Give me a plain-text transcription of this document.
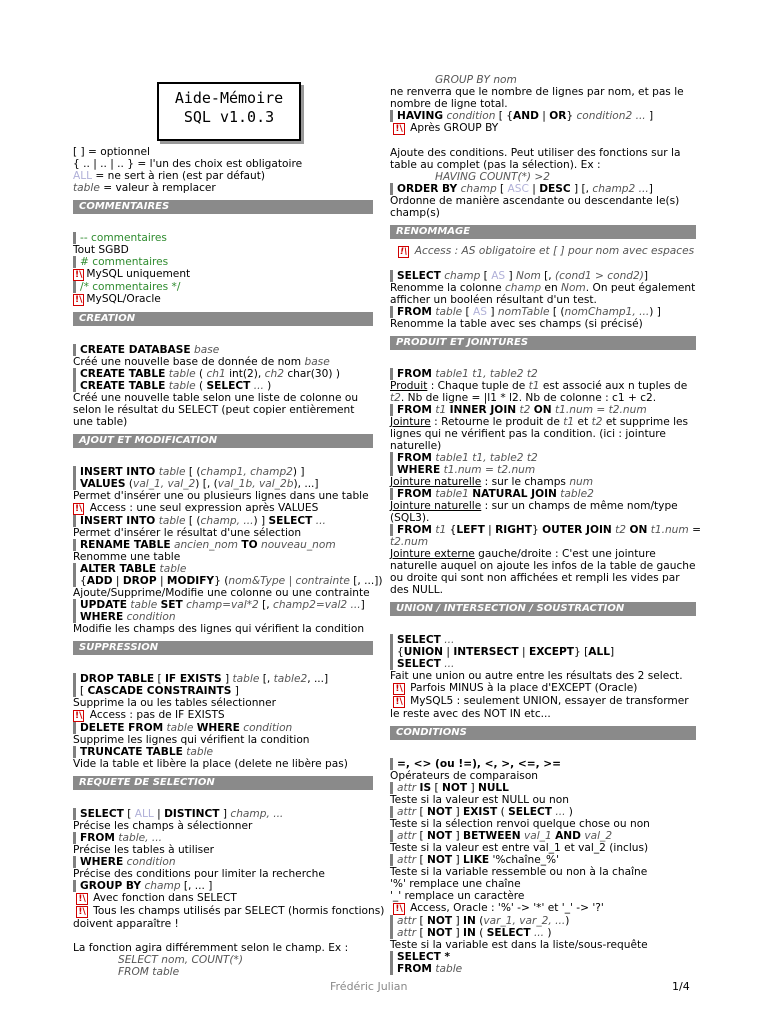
Aide-Mémoire
SQL v1.0.3
[ ] = optionnel
{ .. | .. | .. } = l'un des choix est obligatoire
ALL = ne sert à rien (est par défaut)
table = valeur à remplacer
COMMENTAIRES
-- commentaires
Tout SGBD
# commentaires
!\ MySQL uniquement
/* commentaires */
!\ MySQL/Oracle
CREATION
CREATE DATABASE base
Créé une nouvelle base de donnée de nom base
CREATE TABLE table ( ch1 int(2), ch2 char(30) )
CREATE TABLE table ( SELECT ... )
Créé une nouvelle table selon une liste de colonne ou selon le résultat du SELECT (peut copier entièrement une table)
AJOUT ET MODIFICATION
INSERT INTO table [ (champ1, champ2) ]
VALUES (val_1, val_2) [, (val_1b, val_2b), ...]
Permet d'insérer une ou plusieurs lignes dans une table
!\ Access : une seul expression après VALUES
INSERT INTO table [ (champ, ...) ] SELECT ...
Permet d'insérer le résultat d'une sélection
RENAME TABLE ancien_nom TO nouveau_nom
Renomme une table
ALTER TABLE table
{ADD | DROP | MODIFY} (nom&Type | contrainte [, ...])
Ajoute/Supprime/Modifie une colonne ou une contrainte
UPDATE table SET champ=val*2 [, champ2=val2 ...]
WHERE condition
Modifie les champs des lignes qui vérifient la condition
SUPPRESSION
DROP TABLE [ IF EXISTS ] table [, table2, ...]
[ CASCADE CONSTRAINTS ]
Supprime la ou les tables sélectionner
!\ Access : pas de IF EXISTS
DELETE FROM table WHERE condition
Supprime les lignes qui vérifient la condition
TRUNCATE TABLE table
Vide la table et libère la place (delete ne libère pas)
REQUETE DE SELECTION
SELECT [ ALL | DISTINCT ] champ, ...
Précise les champs à sélectionner
FROM table, ...
Précise les tables à utiliser
WHERE condition
Précise des conditions pour limiter la recherche
GROUP BY champ [, ... ]
!\ Avec fonction dans SELECT
!\ Tous les champs utilisés par SELECT (hormis fonctions)
doivent apparaître !
La fonction agira différemment selon le champ. Ex :
SELECT nom, COUNT(*)
FROM table
GROUP BY nom
ne renverra que le nombre de lignes par nom, et pas le nombre de ligne total.
HAVING condition [ {AND | OR} condition2 ... ]
!\ Après GROUP BY
Ajoute des conditions. Peut utiliser des fonctions sur la table au complet (pas la sélection). Ex :
HAVING COUNT(*) >2
ORDER BY champ [ ASC | DESC ] [, champ2 ...]
Ordonne de manière ascendante ou descendante le(s) champ(s)
RENOMMAGE
!\ Access : AS obligatoire et [ ] pour nom avec espaces
SELECT champ [ AS ] Nom [, (cond1 > cond2)]
Renomme la colonne champ en Nom. On peut également afficher un booléen résultant d'un test.
FROM table [ AS ] nomTable [ (nomChamp1, ...) ]
Renomme la table avec ses champs (si précisé)
PRODUIT ET JOINTURES
FROM table1 t1, table2 t2
Produit : Chaque tuple de t1 est associé aux n tuples de t2. Nb de ligne = |l1 * l2. Nb de colonne : c1 + c2.
FROM t1 INNER JOIN t2 ON t1.num = t2.num
Jointure : Retourne le produit de t1 et t2 et supprime les lignes qui ne vérifient pas la condition. (ici : jointure naturelle)
FROM table1 t1, table2 t2
WHERE t1.num = t2.num
Jointure naturelle : sur le champs num
FROM table1 NATURAL JOIN table2
Jointure naturelle : sur un champs de même nom/type (SQL3).
FROM t1 {LEFT | RIGHT} OUTER JOIN t2 ON t1.num =
t2.num
Jointure externe gauche/droite : C'est une jointure naturelle auquel on ajoute les infos de la table de gauche ou droite qui sont non affichées et rempli les vides par des NULL.
UNION / INTERSECTION / SOUSTRACTION
SELECT ...
{UNION | INTERSECT | EXCEPT} [ALL]
SELECT ...
Fait une union ou autre entre les résultats des 2 select.
!\ Parfois MINUS à la place d'EXCEPT (Oracle)
!\ MySQL5 : seulement UNION, essayer de transformer le reste avec des NOT IN etc...
CONDITIONS
=, <> (ou !=), <, >, <=, >=
Opérateurs de comparaison
attr IS [ NOT ] NULL
Teste si la valeur est NULL ou non
attr [ NOT ] EXIST ( SELECT ... )
Teste si la sélection renvoi quelque chose ou non
attr [ NOT ] BETWEEN val_1 AND val_2
Teste si la valeur est entre val_1 et val_2 (inclus)
attr [ NOT ] LIKE '%chaîne_%'
Teste si la variable ressemble ou non à la chaîne
'%' remplace une chaîne
'_' remplace un caractère
!\ Access, Oracle : '%' -> '*' et '_' -> '?'
attr [ NOT ] IN (var_1, var_2, ...)
attr [ NOT ] IN ( SELECT ... )
Teste si la variable est dans la liste/sous-requête
SELECT *
FROM table
Frédéric Julian	1/4
